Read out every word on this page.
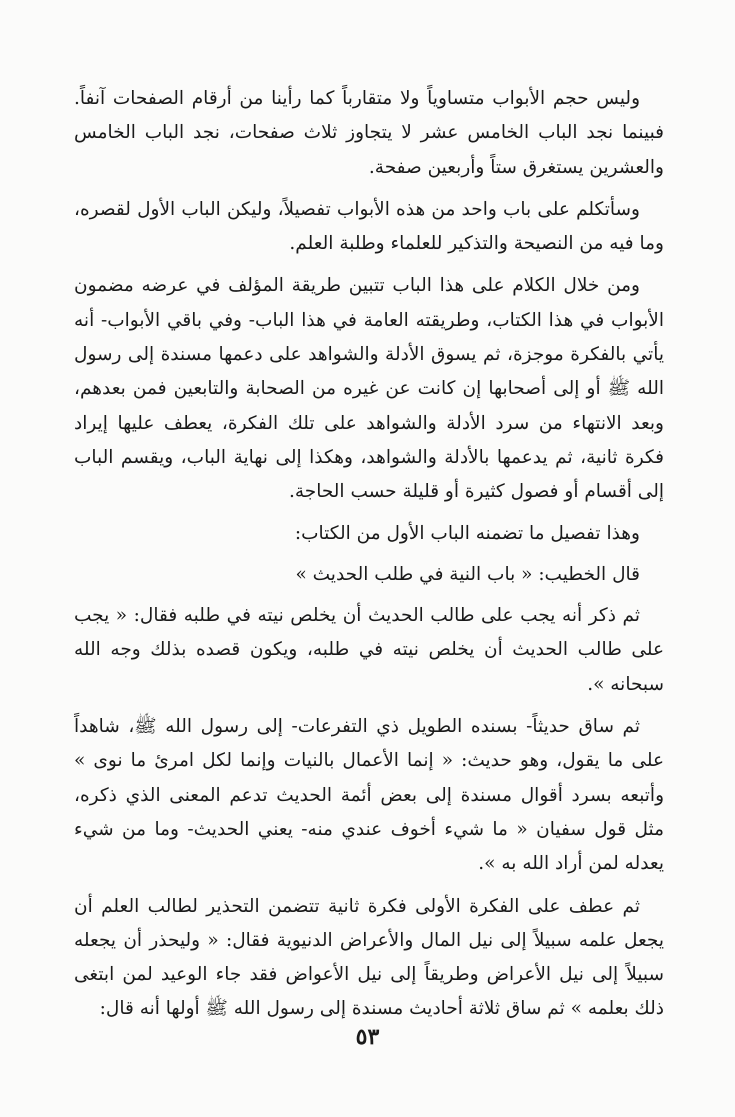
وليس حجم الأبواب متساوياً ولا متقارباً كما رأينا من أرقام الصفحات آنفاً. فبينما نجد الباب الخامس عشر لا يتجاوز ثلاث صفحات، نجد الباب الخامس والعشرين يستغرق ستاً وأربعين صفحة.

وسأتكلم على باب واحد من هذه الأبواب تفصيلاً، وليكن الباب الأول لقصره، وما فيه من النصيحة والتذكير للعلماء وطلبة العلم.

ومن خلال الكلام على هذا الباب تتبين طريقة المؤلف في عرضه مضمون الأبواب في هذا الكتاب، وطريقته العامة في هذا الباب- وفي باقي الأبواب- أنه يأتي بالفكرة موجزة، ثم يسوق الأدلة والشواهد على دعمها مسندة إلى رسول الله ﷺ أو إلى أصحابها إن كانت عن غيره من الصحابة والتابعين فمن بعدهم، وبعد الانتهاء من سرد الأدلة والشواهد على تلك الفكرة، يعطف عليها إيراد فكرة ثانية، ثم يدعمها بالأدلة والشواهد، وهكذا إلى نهاية الباب، ويقسم الباب إلى أقسام أو فصول كثيرة أو قليلة حسب الحاجة.

وهذا تفصيل ما تضمنه الباب الأول من الكتاب:

قال الخطيب: « باب النية في طلب الحديث »

ثم ذكر أنه يجب على طالب الحديث أن يخلص نيته في طلبه فقال: « يجب على طالب الحديث أن يخلص نيته في طلبه، ويكون قصده بذلك وجه الله سبحانه ».

ثم ساق حديثاً- بسنده الطويل ذي التفرعات- إلى رسول الله ﷺ، شاهداً على ما يقول، وهو حديث: « إنما الأعمال بالنيات وإنما لكل امرئ ما نوى » وأتبعه بسرد أقوال مسندة إلى بعض أئمة الحديث تدعم المعنى الذي ذكره، مثل قول سفيان « ما شيء أخوف عندي منه- يعني الحديث- وما من شيء يعدله لمن أراد الله به ».

ثم عطف على الفكرة الأولى فكرة ثانية تتضمن التحذير لطالب العلم أن يجعل علمه سبيلاً إلى نيل المال والأعراض الدنيوية فقال: « وليحذر أن يجعله سبيلاً إلى نيل الأعراض وطريقاً إلى نيل الأعواض فقد جاء الوعيد لمن ابتغى ذلك بعلمه » ثم ساق ثلاثة أحاديث مسندة إلى رسول الله ﷺ أولها أنه قال:

٥٣
